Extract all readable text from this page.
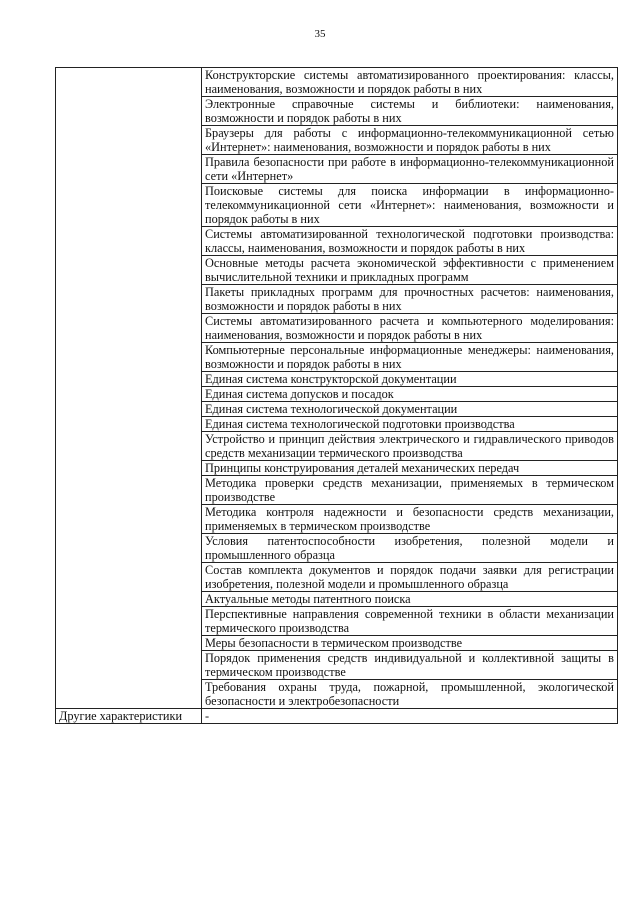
35
	Конструкторские системы автоматизированного проектирования: классы, наименования, возможности и порядок работы в них
	Электронные справочные системы и библиотеки: наименования, возможности и порядок работы в них
	Браузеры для работы с информационно-телекоммуникационной сетью «Интернет»: наименования, возможности и порядок работы в них
	Правила безопасности при работе в информационно-телекоммуникационной сети «Интернет»
	Поисковые системы для поиска информации в информационно-телекоммуникационной сети «Интернет»: наименования, возможности и порядок работы в них
	Системы автоматизированной технологической подготовки производства: классы, наименования, возможности и порядок работы в них
	Основные методы расчета экономической эффективности с применением вычислительной техники и прикладных программ
	Пакеты прикладных программ для прочностных расчетов: наименования, возможности и порядок работы в них
	Системы автоматизированного расчета и компьютерного моделирования: наименования, возможности и порядок работы в них
	Компьютерные персональные информационные менеджеры: наименования, возможности и порядок работы в них
	Единая система конструкторской документации
	Единая система допусков и посадок
	Единая система технологической документации
	Единая система технологической подготовки производства
	Устройство и принцип действия электрического и гидравлического приводов средств механизации термического производства
	Принципы конструирования деталей механических передач
	Методика проверки средств механизации, применяемых в термическом производстве
	Методика контроля надежности и безопасности средств механизации, применяемых в термическом производстве
	Условия патентоспособности изобретения, полезной модели и промышленного образца
	Состав комплекта документов и порядок подачи заявки для регистрации изобретения, полезной модели и промышленного образца
	Актуальные методы патентного поиска
	Перспективные направления современной техники в области механизации термического производства
	Меры безопасности в термическом производстве
	Порядок применения средств индивидуальной и коллективной защиты в термическом производстве
	Требования охраны труда, пожарной, промышленной, экологической безопасности и электробезопасности
Другие характеристики	-
